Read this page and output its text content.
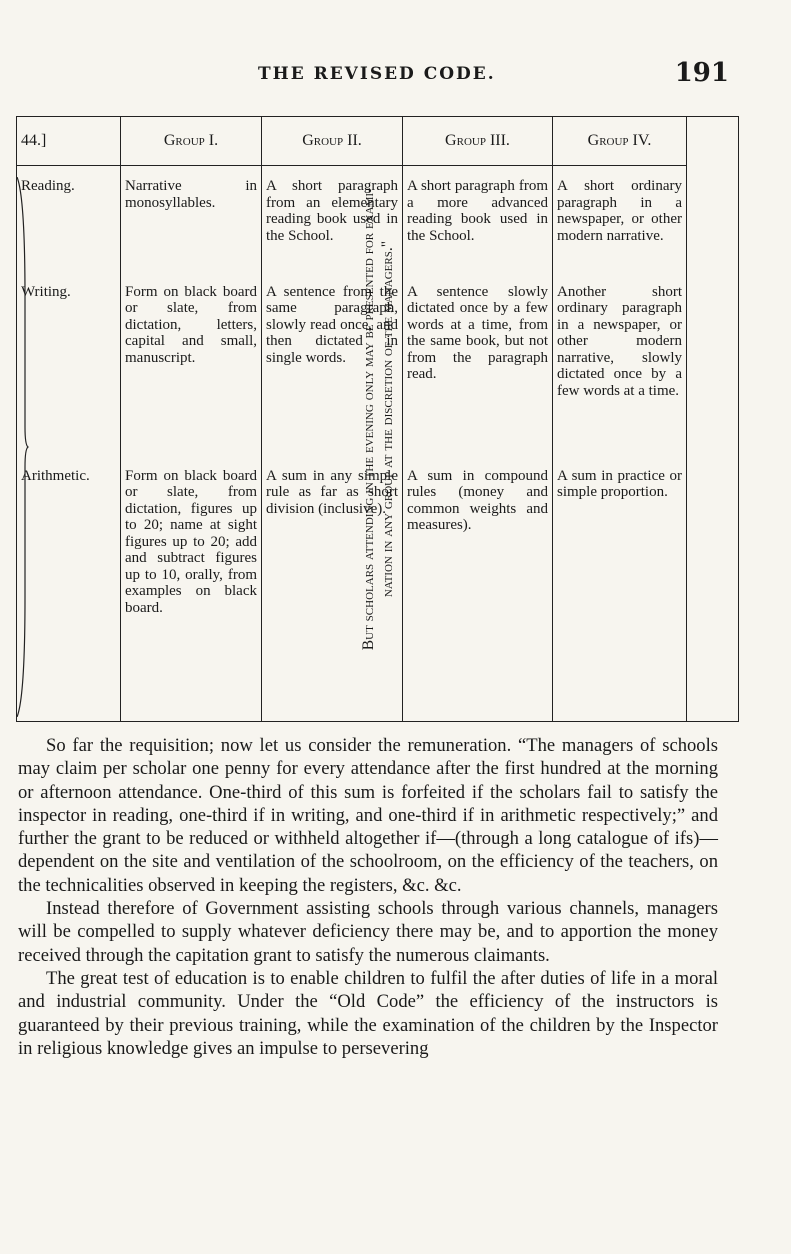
THE REVISED CODE.	191
44.]	Group I.	Group II.	Group III.	Group IV.	But scholars attending in the evening only may be presented for exami- nation in any group at the discretion of the managers."

Reading.	Narrative in monosyllables.	A short paragraph from an elementary reading book used in the School.	A short paragraph from a more advanced reading book used in the School.	A short ordinary paragraph in a newspaper, or other modern narrative.	
Writing.	Form on black board or slate, from dictation, letters, capital and small, manuscript.	A sentence from the same paragraph, slowly read once, and then dictated in single words.	A sentence slowly dictated once by a few words at a time, from the same book, but not from the paragraph read.	Another short ordinary paragraph in a newspaper, or other modern narrative, slowly dictated once by a few words at a time.	
Arithmetic.	Form on black board or slate, from dictation, figures up to 20; name at sight figures up to 20; add and subtract figures up to 10, orally, from examples on black board.	A sum in any simple rule as far as short division (inclusive).	A sum in compound rules (money and common weights and measures).	A sum in practice or simple proportion.	

So far the requisition; now let us consider the remuneration. “The managers of schools may claim per scholar one penny for every attendance after the first hundred at the morning or afternoon attendance. One-third of this sum is forfeited if the scholars fail to satisfy the inspector in reading, one-third if in writing, and one-third if in arithmetic respectively;” and further the grant to be reduced or withheld altogether if—(through a long catalogue of ifs)—dependent on the site and ventilation of the schoolroom, on the efficiency of the teachers, on the technicalities observed in keeping the registers, &c. &c.

Instead therefore of Government assisting schools through various channels, managers will be compelled to supply whatever deficiency there may be, and to apportion the money received through the capitation grant to satisfy the numerous claimants.

The great test of education is to enable children to fulfil the after duties of life in a moral and industrial community. Under the “Old Code” the efficiency of the instructors is guaranteed by their previous training, while the examination of the children by the Inspector in religious knowledge gives an impulse to persevering
